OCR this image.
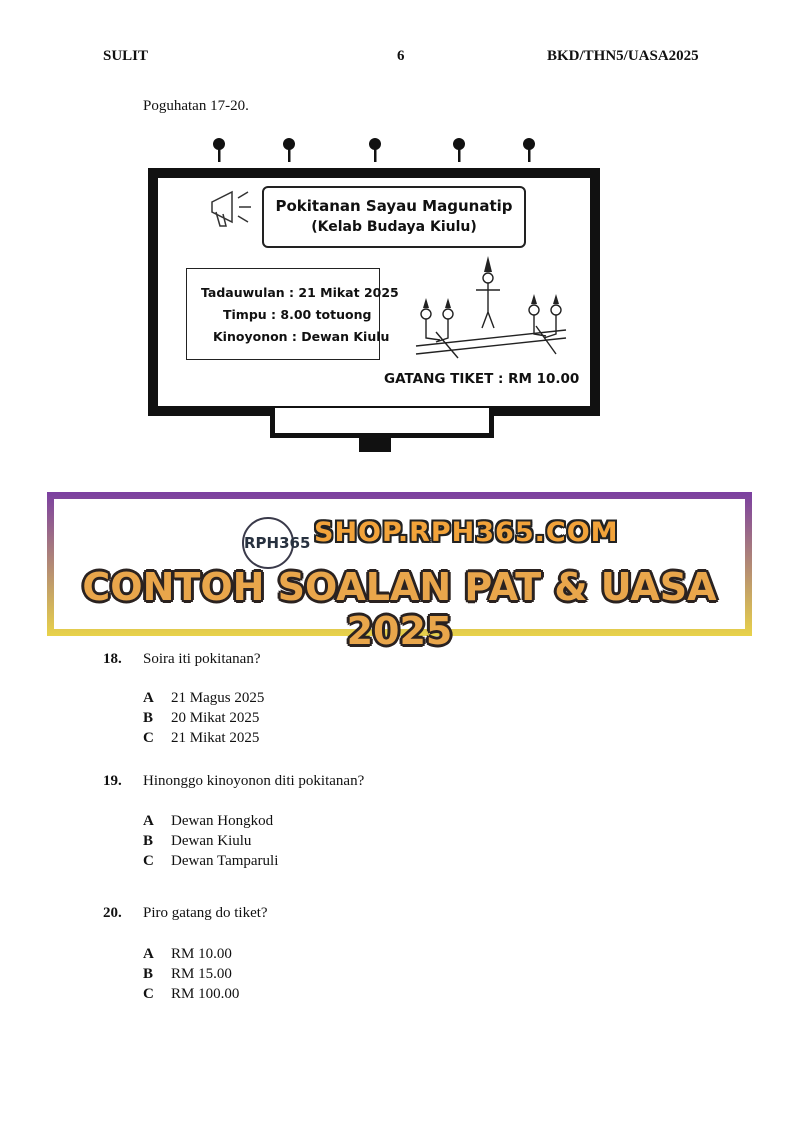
SULIT	6	BKD/THN5/UASA2025
Poguhatan 17-20.
Pokitanan Sayau Magunatip
(Kelab Budaya Kiulu)
Tadauwulan : 21 Mikat 2025
Timpu : 8.00 totuong
Kinoyonon : Dewan Kiulu
GATANG TIKET : RM 10.00
RPH365 SHOP.RPH365.COM
CONTOH SOALAN PAT & UASA 2025
18. Soira iti pokitanan?
A 21 Magus 2025
B 20 Mikat 2025
C 21 Mikat 2025
19. Hinonggo kinoyonon diti pokitanan?
A Dewan Hongkod
B Dewan Kiulu
C Dewan Tamparuli
20. Piro gatang do tiket?
A RM 10.00
B RM 15.00
C RM 100.00
